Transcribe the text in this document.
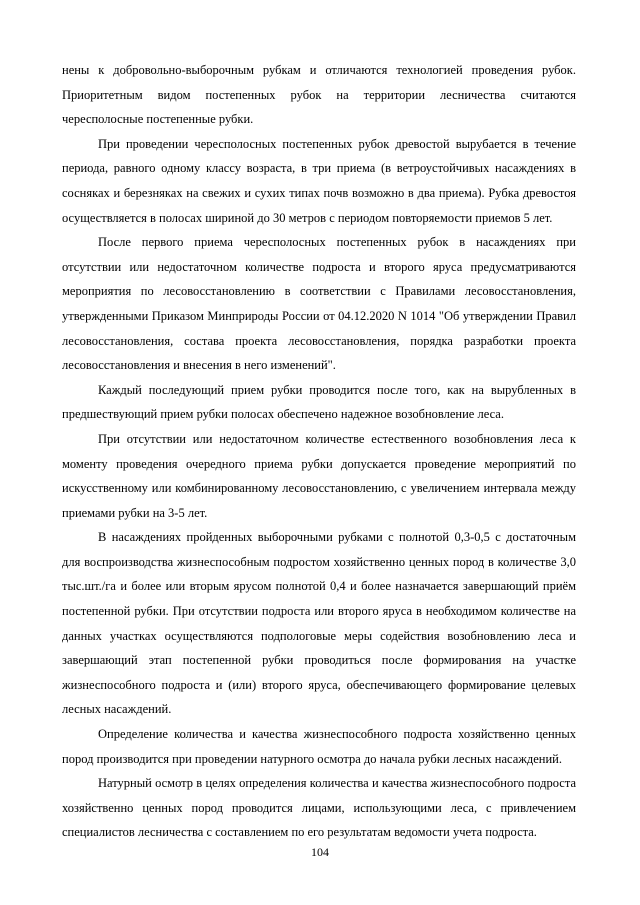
нены к добровольно-выборочным рубкам и отличаются технологией проведения рубок. Приоритетным видом постепенных рубок на территории лесничества считаются чересполосные постепенные рубки.

При проведении чересполосных постепенных рубок древостой вырубается в течение периода, равного одному классу возраста, в три приема (в ветроустойчивых насаждениях в сосняках и березняках на свежих и сухих типах почв возможно в два приема). Рубка древостоя осуществляется в полосах шириной до 30 метров с периодом повторяемости приемов 5 лет.

После первого приема чересполосных постепенных рубок в насаждениях при отсутствии или недостаточном количестве подроста и второго яруса предусматриваются мероприятия по лесовосстановлению в соответствии с Правилами лесовосстановления, утвержденными Приказом Минприроды России от 04.12.2020 N 1014 "Об утверждении Правил лесовосстановления, состава проекта лесовосстановления, порядка разработки проекта лесовосстановления и внесения в него изменений".

Каждый последующий прием рубки проводится после того, как на вырубленных в предшествующий прием рубки полосах обеспечено надежное возобновление леса.

При отсутствии или недостаточном количестве естественного возобновления леса к моменту проведения очередного приема рубки допускается проведение мероприятий по искусственному или комбинированному лесовосстановлению, с увеличением интервала между приемами рубки на 3-5 лет.

В насаждениях пройденных выборочными рубками с полнотой 0,3-0,5 с достаточным для воспроизводства жизнеспособным подростом хозяйственно ценных пород в количестве 3,0 тыс.шт./га и более или вторым ярусом полнотой 0,4 и более назначается завершающий приём постепенной рубки. При отсутствии подроста или второго яруса в необходимом количестве на данных участках осуществляются подпологовые меры содействия возобновлению леса и завершающий этап постепенной рубки проводиться после формирования на участке жизнеспособного подроста и (или) второго яруса, обеспечивающего формирование целевых лесных насаждений.

Определение количества и качества жизнеспособного подроста хозяйственно ценных пород производится при проведении натурного осмотра до начала рубки лесных насаждений.

Натурный осмотр в целях определения количества и качества жизнеспособного подроста хозяйственно ценных пород проводится лицами, использующими леса, с привлечением специалистов лесничества с составлением по его результатам ведомости учета подроста.

104
